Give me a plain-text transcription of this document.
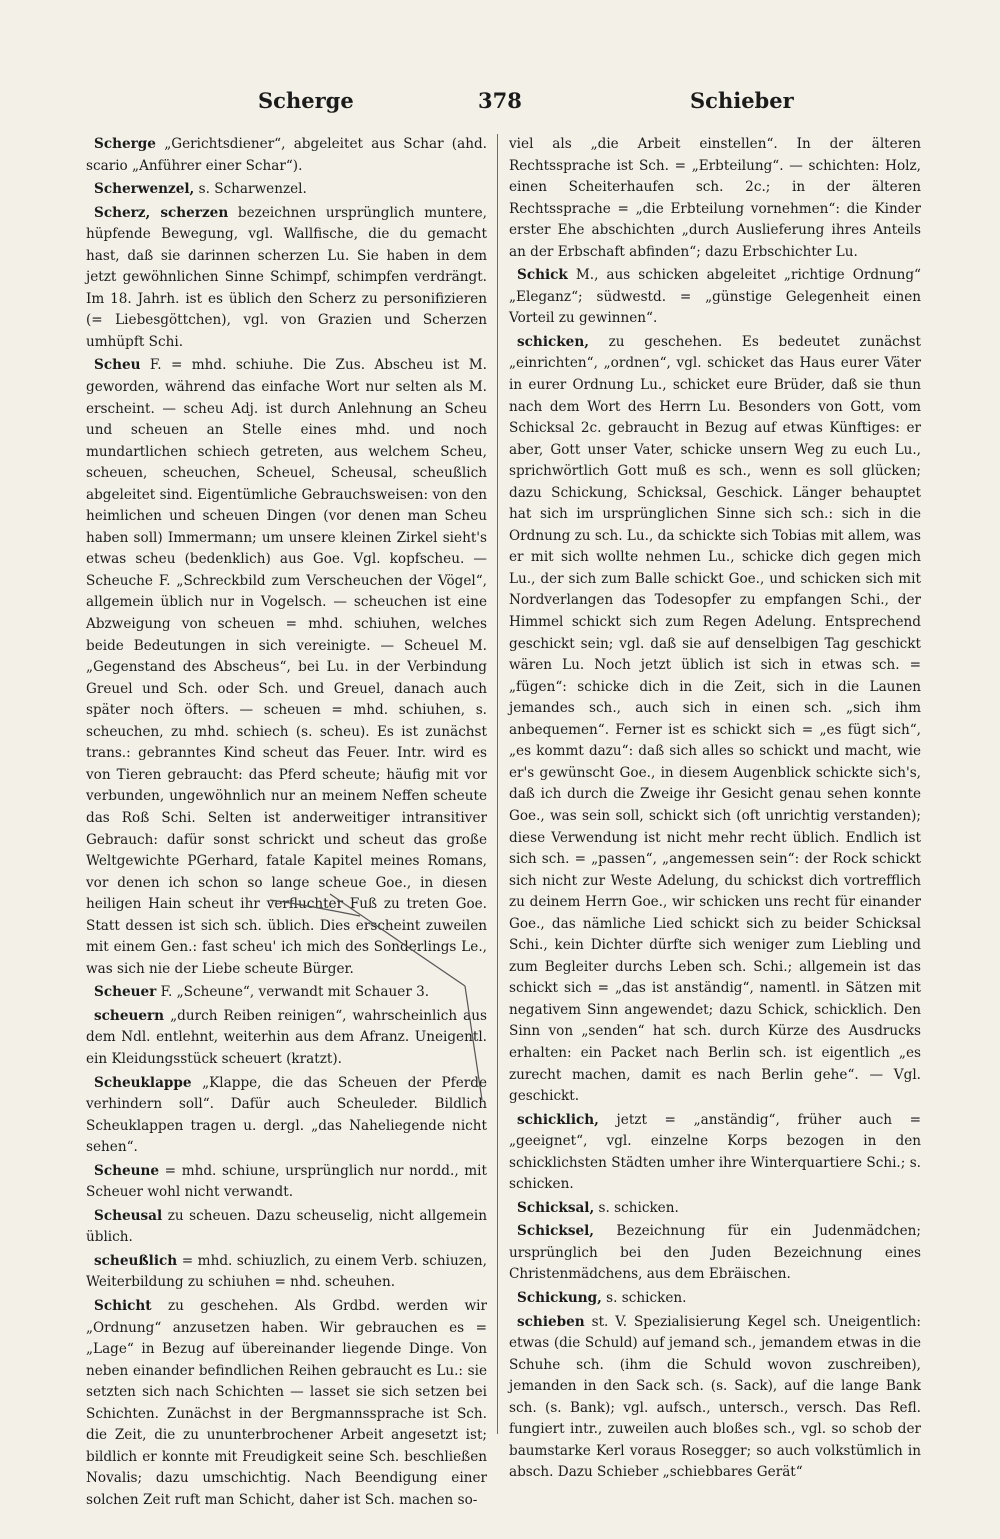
Scherge	378	Schieber

Scherge „Gerichtsdiener“, abgeleitet aus Schar (ahd. scario „Anführer einer Schar“).

Scherwenzel, s. Scharwenzel.

Scherz, scherzen bezeichnen ursprünglich muntere, hüpfende Bewegung, vgl. Wallfische, die du gemacht hast, daß sie darinnen scherzen Lu. Sie haben in dem jetzt gewöhnlichen Sinne Schimpf, schimpfen verdrängt. Im 18. Jahrh. ist es üblich den Scherz zu personifizieren (= Liebesgöttchen), vgl. von Grazien und Scherzen umhüpft Schi.

Scheu F. = mhd. schiuhe. Die Zus. Abscheu ist M. geworden, während das einfache Wort nur selten als M. erscheint. — scheu Adj. ist durch Anlehnung an Scheu und scheuen an Stelle eines mhd. und noch mundartlichen schiech getreten, aus welchem Scheu, scheuen, scheuchen, Scheuel, Scheusal, scheußlich abgeleitet sind. Eigentümliche Gebrauchsweisen: von den heimlichen und scheuen Dingen (vor denen man Scheu haben soll) Immermann; um unsere kleinen Zirkel sieht's etwas scheu (bedenklich) aus Goe. Vgl. kopfscheu. — Scheuche F. „Schreckbild zum Verscheuchen der Vögel“, allgemein üblich nur in Vogelsch. — scheuchen ist eine Abzweigung von scheuen = mhd. schiuhen, welches beide Bedeutungen in sich vereinigte. — Scheuel M. „Gegenstand des Abscheus“, bei Lu. in der Verbindung Greuel und Sch. oder Sch. und Greuel, danach auch später noch öfters. — scheuen = mhd. schiuhen, s. scheuchen, zu mhd. schiech (s. scheu). Es ist zunächst trans.: gebranntes Kind scheut das Feuer. Intr. wird es von Tieren gebraucht: das Pferd scheute; häufig mit vor verbunden, ungewöhnlich nur an meinem Neffen scheute das Roß Schi. Selten ist anderweitiger intransitiver Gebrauch: dafür sonst schrickt und scheut das große Weltgewichte PGerhard, fatale Kapitel meines Romans, vor denen ich schon so lange scheue Goe., in diesen heiligen Hain scheut ihr verfluchter Fuß zu treten Goe. Statt dessen ist sich sch. üblich. Dies erscheint zuweilen mit einem Gen.: fast scheu' ich mich des Sonderlings Le., was sich nie der Liebe scheute Bürger.

Scheuer F. „Scheune“, verwandt mit Schauer 3.

scheuern „durch Reiben reinigen“, wahrscheinlich aus dem Ndl. entlehnt, weiterhin aus dem Afranz. Uneigentl. ein Kleidungsstück scheuert (kratzt).

Scheuklappe „Klappe, die das Scheuen der Pferde verhindern soll“. Dafür auch Scheuleder. Bildlich Scheuklappen tragen u. dergl. „das Naheliegende nicht sehen“.

Scheune = mhd. schiune, ursprünglich nur nordd., mit Scheuer wohl nicht verwandt.

Scheusal zu scheuen. Dazu scheuselig, nicht allgemein üblich.

scheußlich = mhd. schiuzlich, zu einem Verb. schiuzen, Weiterbildung zu schiuhen = nhd. scheuhen.

Schicht zu geschehen. Als Grdbd. werden wir „Ordnung“ anzusetzen haben. Wir gebrauchen es = „Lage“ in Bezug auf übereinander liegende Dinge. Von neben einander befindlichen Reihen gebraucht es Lu.: sie setzten sich nach Schichten — lasset sie sich setzen bei Schichten. Zunächst in der Bergmannssprache ist Sch. die Zeit, die zu ununterbrochener Arbeit angesetzt ist; bildlich er konnte mit Freudigkeit seine Sch. beschließen Novalis; dazu umschichtig. Nach Beendigung einer solchen Zeit ruft man Schicht, daher ist Sch. machen so-

viel als „die Arbeit einstellen“. In der älteren Rechtssprache ist Sch. = „Erbteilung“. — schichten: Holz, einen Scheiterhaufen sch. 2c.; in der älteren Rechtssprache = „die Erbteilung vornehmen“: die Kinder erster Ehe abschichten „durch Auslieferung ihres Anteils an der Erbschaft abfinden“; dazu Erbschichter Lu.

Schick M., aus schicken abgeleitet „richtige Ordnung“ „Eleganz“; südwestd. = „günstige Gelegenheit einen Vorteil zu gewinnen“.

schicken, zu geschehen. Es bedeutet zunächst „einrichten“, „ordnen“, vgl. schicket das Haus eurer Väter in eurer Ordnung Lu., schicket eure Brüder, daß sie thun nach dem Wort des Herrn Lu. Besonders von Gott, vom Schicksal 2c. gebraucht in Bezug auf etwas Künftiges: er aber, Gott unser Vater, schicke unsern Weg zu euch Lu., sprichwörtlich Gott muß es sch., wenn es soll glücken; dazu Schickung, Schicksal, Geschick. Länger behauptet hat sich im ursprünglichen Sinne sich sch.: sich in die Ordnung zu sch. Lu., da schickte sich Tobias mit allem, was er mit sich wollte nehmen Lu., schicke dich gegen mich Lu., der sich zum Balle schickt Goe., und schicken sich mit Nordverlangen das Todesopfer zu empfangen Schi., der Himmel schickt sich zum Regen Adelung. Entsprechend geschickt sein; vgl. daß sie auf denselbigen Tag geschickt wären Lu. Noch jetzt üblich ist sich in etwas sch. = „fügen“: schicke dich in die Zeit, sich in die Launen jemandes sch., auch sich in einen sch. „sich ihm anbequemen“. Ferner ist es schickt sich = „es fügt sich“, „es kommt dazu“: daß sich alles so schickt und macht, wie er's gewünscht Goe., in diesem Augenblick schickte sich's, daß ich durch die Zweige ihr Gesicht genau sehen konnte Goe., was sein soll, schickt sich (oft unrichtig verstanden); diese Verwendung ist nicht mehr recht üblich. Endlich ist sich sch. = „passen“, „angemessen sein“: der Rock schickt sich nicht zur Weste Adelung, du schickst dich vortrefflich zu deinem Herrn Goe., wir schicken uns recht für einander Goe., das nämliche Lied schickt sich zu beider Schicksal Schi., kein Dichter dürfte sich weniger zum Liebling und zum Begleiter durchs Leben sch. Schi.; allgemein ist das schickt sich = „das ist anständig“, namentl. in Sätzen mit negativem Sinn angewendet; dazu Schick, schicklich. Den Sinn von „senden“ hat sch. durch Kürze des Ausdrucks erhalten: ein Packet nach Berlin sch. ist eigentlich „es zurecht machen, damit es nach Berlin gehe“. — Vgl. geschickt.

schicklich, jetzt = „anständig“, früher auch = „geeignet“, vgl. einzelne Korps bezogen in den schicklichsten Städten umher ihre Winterquartiere Schi.; s. schicken.

Schicksal, s. schicken.

Schicksel, Bezeichnung für ein Judenmädchen; ursprünglich bei den Juden Bezeichnung eines Christenmädchens, aus dem Ebräischen.

Schickung, s. schicken.

schieben st. V. Spezialisierung Kegel sch. Uneigentlich: etwas (die Schuld) auf jemand sch., jemandem etwas in die Schuhe sch. (ihm die Schuld wovon zuschreiben), jemanden in den Sack sch. (s. Sack), auf die lange Bank sch. (s. Bank); vgl. aufsch., untersch., versch. Das Refl. fungiert intr., zuweilen auch bloßes sch., vgl. so schob der baumstarke Kerl voraus Rosegger; so auch volkstümlich in absch. Dazu Schieber „schiebbares Gerät“
